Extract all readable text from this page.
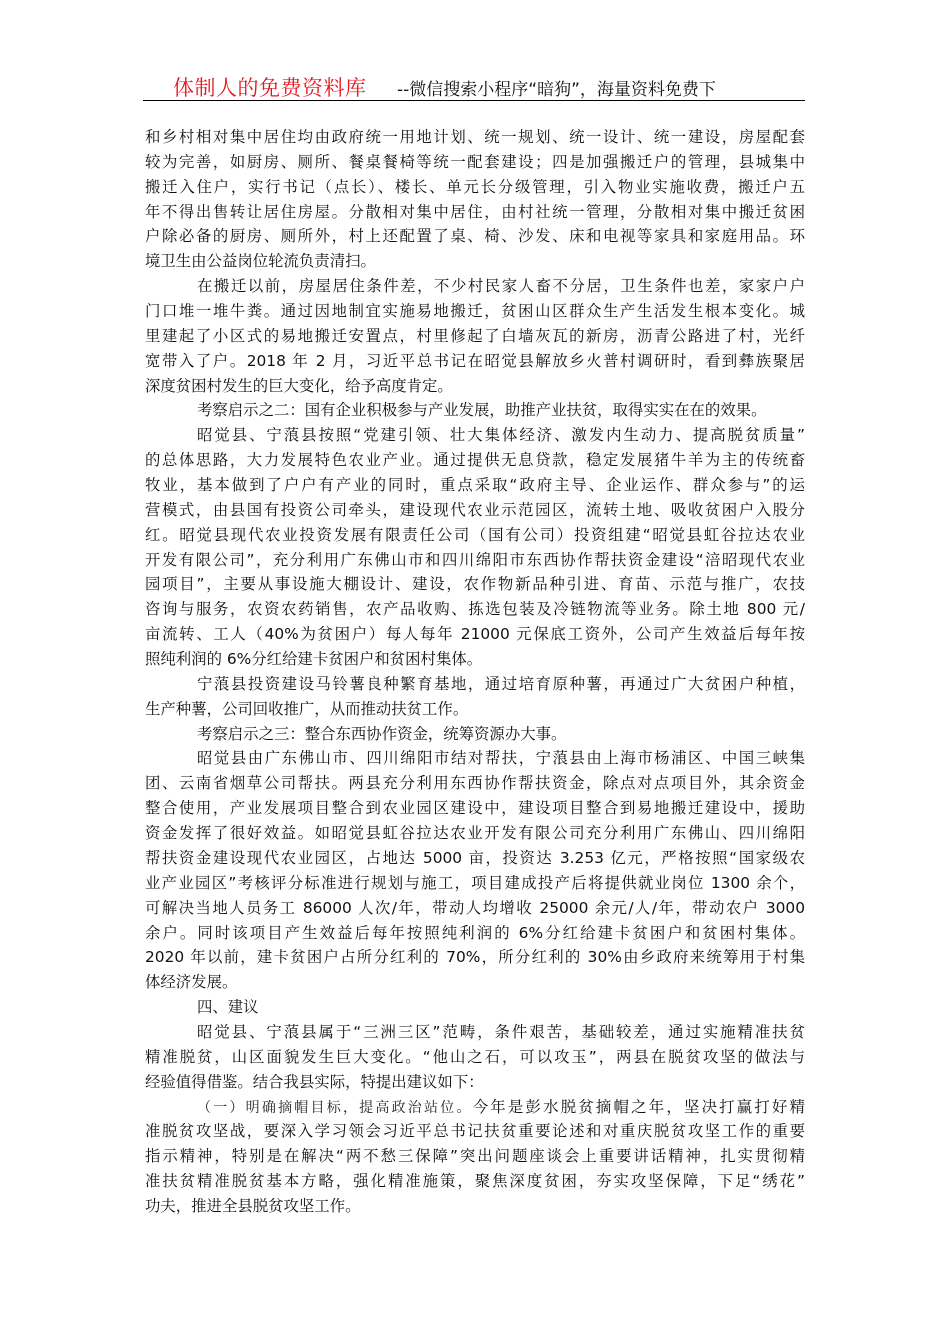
体制人的免费资料库 --微信搜索小程序“暗狗”，海量资料免费下
和乡村相对集中居住均由政府统一用地计划、统一规划、统一设计、统一建设，房屋配套
较为完善，如厨房、厕所、餐桌餐椅等统一配套建设；四是加强搬迁户的管理，县城集中
搬迁入住户，实行书记（点长）、楼长、单元长分级管理，引入物业实施收费，搬迁户五
年不得出售转让居住房屋。分散相对集中居住，由村社统一管理，分散相对集中搬迁贫困
户除必备的厨房、厕所外，村上还配置了桌、椅、沙发、床和电视等家具和家庭用品。环
境卫生由公益岗位轮流负责清扫。
在搬迁以前，房屋居住条件差，不少村民家人畜不分居，卫生条件也差，家家户户
门口堆一堆牛粪。通过因地制宜实施易地搬迁，贫困山区群众生产生活发生根本变化。城
里建起了小区式的易地搬迁安置点，村里修起了白墙灰瓦的新房，沥青公路进了村，光纤
宽带入了户。2018 年 2 月，习近平总书记在昭觉县解放乡火普村调研时，看到彝族聚居
深度贫困村发生的巨大变化，给予高度肯定。
考察启示之二：国有企业积极参与产业发展，助推产业扶贫，取得实实在在的效果。
昭觉县、宁蒗县按照“党建引领、壮大集体经济、激发内生动力、提高脱贫质量”
的总体思路，大力发展特色农业产业。通过提供无息贷款，稳定发展猪牛羊为主的传统畜
牧业，基本做到了户户有产业的同时，重点采取“政府主导、企业运作、群众参与”的运
营模式，由县国有投资公司牵头，建设现代农业示范园区，流转土地、吸收贫困户入股分
红。昭觉县现代农业投资发展有限责任公司（国有公司）投资组建“昭觉县虹谷拉达农业
开发有限公司”，充分利用广东佛山市和四川绵阳市东西协作帮扶资金建设“涪昭现代农业
园项目”，主要从事设施大棚设计、建设，农作物新品种引进、育苗、示范与推广，农技
咨询与服务，农资农药销售，农产品收购、拣选包装及冷链物流等业务。除土地 800 元/
亩流转、工人（40%为贫困户）每人每年 21000 元保底工资外，公司产生效益后每年按
照纯利润的 6%分红给建卡贫困户和贫困村集体。
宁蒗县投资建设马铃薯良种繁育基地，通过培育原种薯，再通过广大贫困户种植，
生产种薯，公司回收推广，从而推动扶贫工作。
考察启示之三：整合东西协作资金，统筹资源办大事。
昭觉县由广东佛山市、四川绵阳市结对帮扶，宁蒗县由上海市杨浦区、中国三峡集
团、云南省烟草公司帮扶。两县充分利用东西协作帮扶资金，除点对点项目外，其余资金
整合使用，产业发展项目整合到农业园区建设中，建设项目整合到易地搬迁建设中，援助
资金发挥了很好效益。如昭觉县虹谷拉达农业开发有限公司充分利用广东佛山、四川绵阳
帮扶资金建设现代农业园区，占地达 5000 亩，投资达 3.253 亿元，严格按照“国家级农
业产业园区”考核评分标准进行规划与施工，项目建成投产后将提供就业岗位 1300 余个，
可解决当地人员务工 86000 人次/年，带动人均增收 25000 余元/人/年，带动农户 3000
余户。同时该项目产生效益后每年按照纯利润的 6%分红给建卡贫困户和贫困村集体。
2020 年以前，建卡贫困户占所分红利的 70%，所分红利的 30%由乡政府来统筹用于村集
体经济发展。
四、建议
昭觉县、宁蒗县属于“三洲三区”范畴，条件艰苦，基础较差，通过实施精准扶贫
精准脱贫，山区面貌发生巨大变化。“他山之石，可以攻玉”，两县在脱贫攻坚的做法与
经验值得借鉴。结合我县实际，特提出建议如下：
（一）明确摘帽目标，提高政治站位。今年是彭水脱贫摘帽之年，坚决打赢打好精
准脱贫攻坚战，要深入学习领会习近平总书记扶贫重要论述和对重庆脱贫攻坚工作的重要
指示精神，特别是在解决“两不愁三保障”突出问题座谈会上重要讲话精神，扎实贯彻精
准扶贫精准脱贫基本方略，强化精准施策，聚焦深度贫困，夯实攻坚保障，下足“绣花”
功夫，推进全县脱贫攻坚工作。
